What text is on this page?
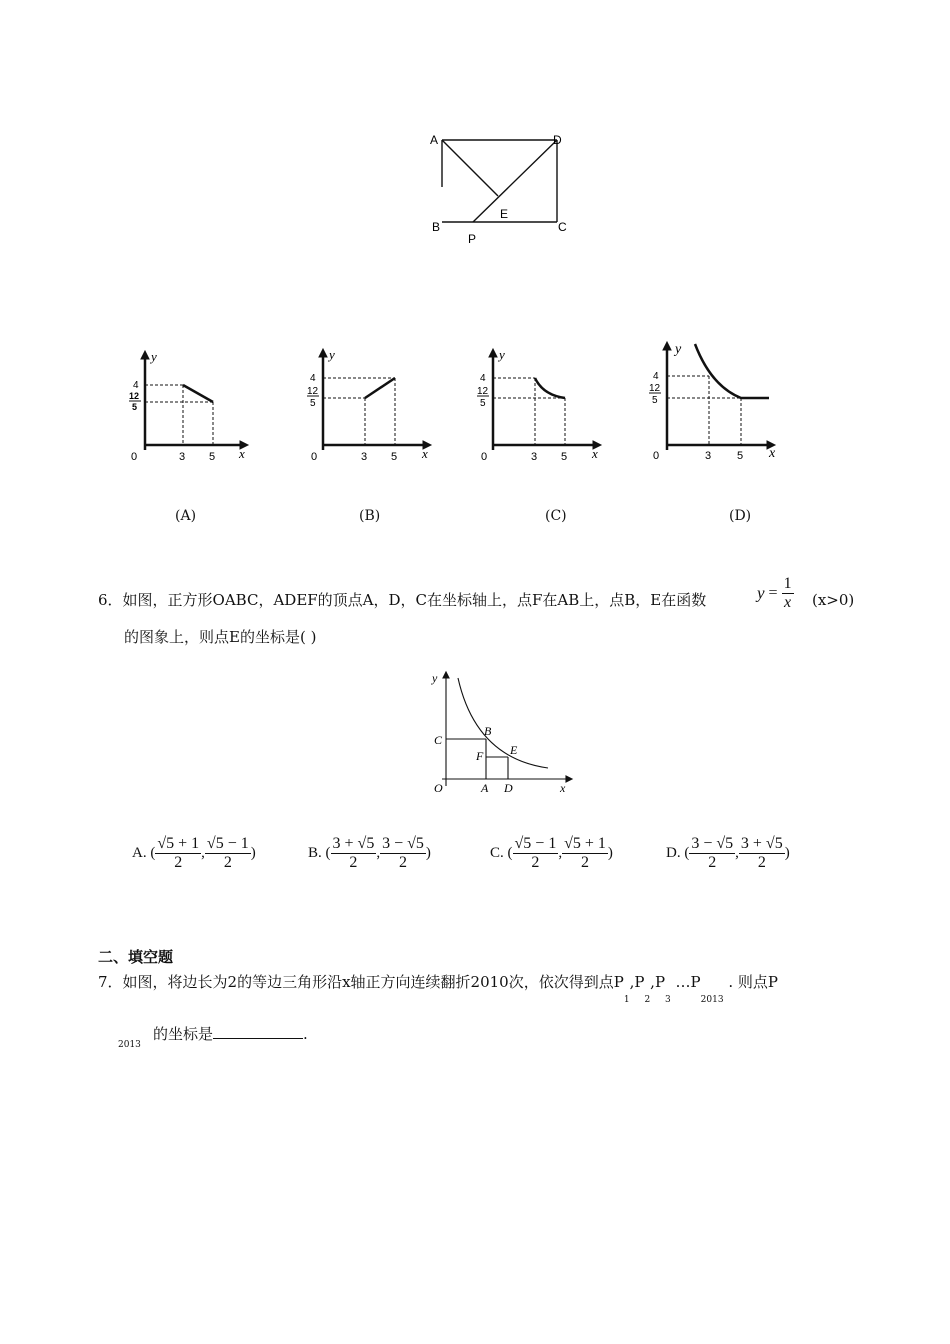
A	D
B	C
E
P
y
4
12
5
0	3 5 x
y
4
12
5
0	3 5 x
y
4
12
5
0	3 5 x
y
4
12
5
0	3 5 x
(A)	(B)	(C)	(D)
6．如图，正方形OABC，ADEF的顶点A，D，C在坐标轴上，点F在AB上，点B，E在函数	$y = \frac{1}{x} (x>0)$
的图象上，则点E的坐标是( )
y
C
B
F E
O	A D	x
A. ( $\frac{√5 + 1}{2}$ , $\frac{√5 - 1}{2}$ )	B. ( $\frac{3 + √5}{2}$ , $\frac{3 - √5}{2}$ )	C. ( $\frac{√5 - 1}{2}$ , $\frac{√5 + 1}{2}$ )	D. ( $\frac{3 - √5}{2}$ , $\frac{3 + √5}{2}$ )
二、填空题
7．如图，将边长为2的等边三角形沿x轴正方向连续翻折2010次，依次得到点$P_1,P_2,P_3$ $\dots P_{2013}$ . 则点P
2013
的坐标是	.
